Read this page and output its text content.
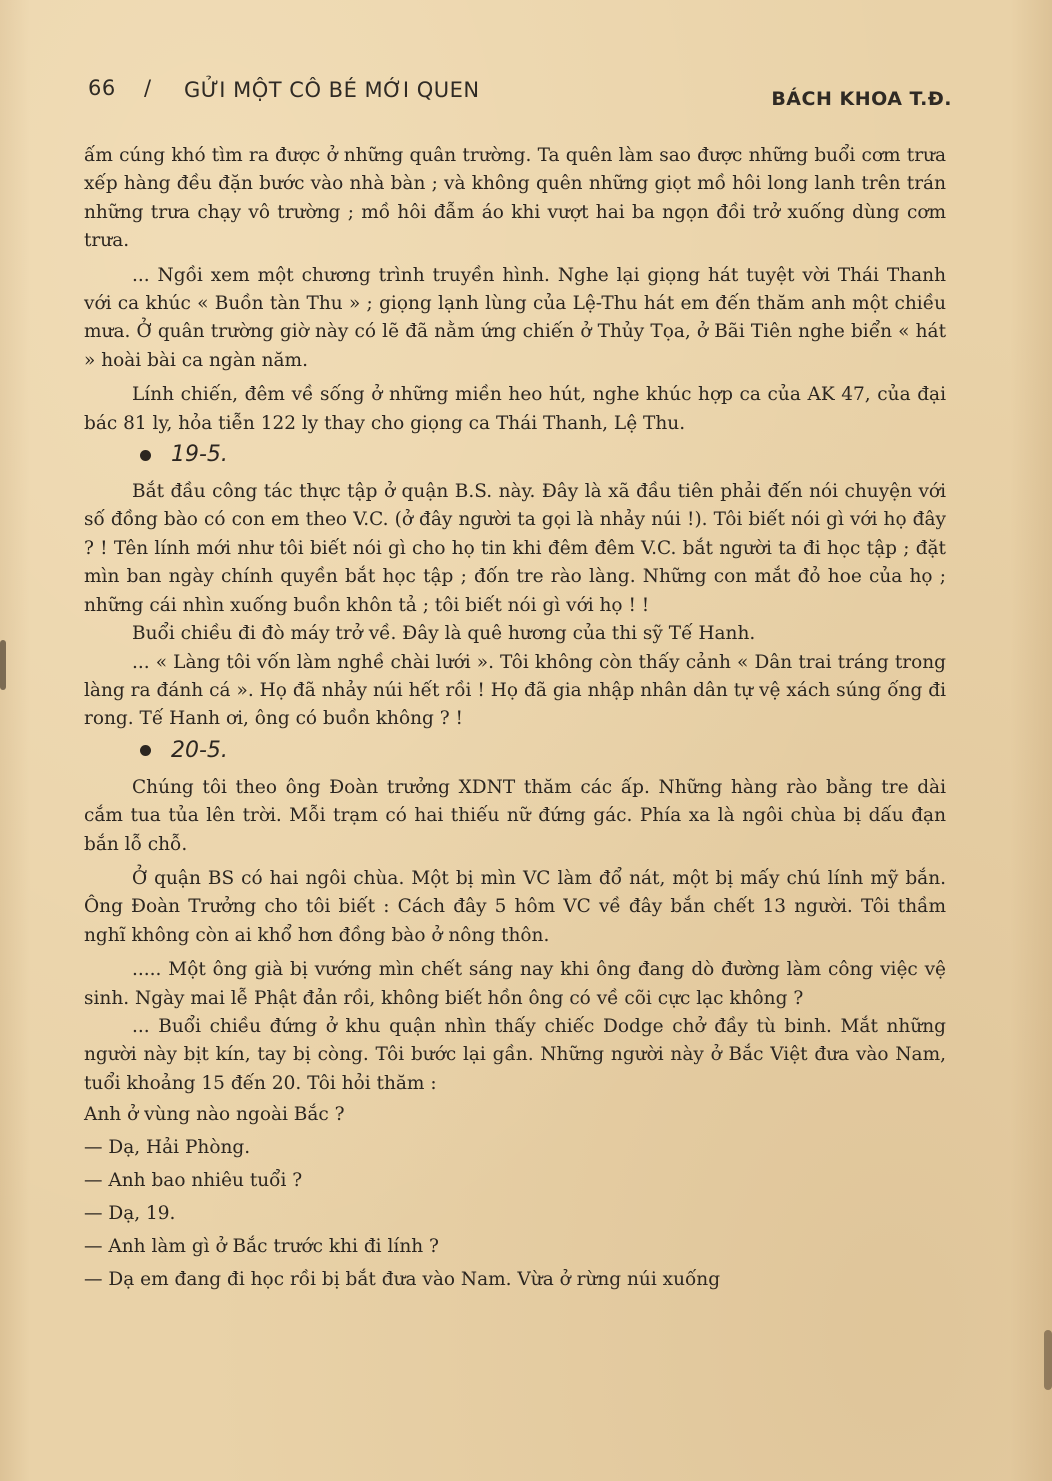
66 / GỬI MỘT CÔ BÉ MỚI QUEN	BÁCH KHOA T.Đ.

ấm cúng khó tìm ra được ở những quân trường. Ta quên làm sao được những buổi cơm trưa xếp hàng đều đặn bước vào nhà bàn ; và không quên những giọt mồ hôi long lanh trên trán những trưa chạy vô trường ; mồ hôi đẫm áo khi vượt hai ba ngọn đồi trở xuống dùng cơm trưa.

... Ngồi xem một chương trình truyền hình. Nghe lại giọng hát tuyệt vời Thái Thanh với ca khúc « Buồn tàn Thu » ; giọng lạnh lùng của Lệ-Thu hát em đến thăm anh một chiều mưa. Ở quân trường giờ này có lẽ đã nằm ứng chiến ở Thủy Tọa, ở Bãi Tiên nghe biển « hát » hoài bài ca ngàn năm.

Lính chiến, đêm về sống ở những miền heo hút, nghe khúc hợp ca của AK 47, của đại bác 81 ly, hỏa tiễn 122 ly thay cho giọng ca Thái Thanh, Lệ Thu.

19-5.

Bắt đầu công tác thực tập ở quận B.S. này. Đây là xã đầu tiên phải đến nói chuyện với số đồng bào có con em theo V.C. (ở đây người ta gọi là nhảy núi !). Tôi biết nói gì với họ đây ? ! Tên lính mới như tôi biết nói gì cho họ tin khi đêm đêm V.C. bắt người ta đi học tập ; đặt mìn ban ngày chính quyền bắt học tập ; đốn tre rào làng. Những con mắt đỏ hoe của họ ; những cái nhìn xuống buồn khôn tả ; tôi biết nói gì với họ ! !

Buổi chiều đi đò máy trở về. Đây là quê hương của thi sỹ Tế Hanh.

... « Làng tôi vốn làm nghề chài lưới ». Tôi không còn thấy cảnh « Dân trai tráng trong làng ra đánh cá ». Họ đã nhảy núi hết rồi ! Họ đã gia nhập nhân dân tự vệ xách súng ống đi rong. Tế Hanh ơi, ông có buồn không ? !

20-5.

Chúng tôi theo ông Đoàn trưởng XDNT thăm các ấp. Những hàng rào bằng tre dài cắm tua tủa lên trời. Mỗi trạm có hai thiếu nữ đứng gác. Phía xa là ngôi chùa bị dấu đạn bắn lỗ chỗ.

Ở quận BS có hai ngôi chùa. Một bị mìn VC làm đổ nát, một bị mấy chú lính mỹ bắn. Ông Đoàn Trưởng cho tôi biết : Cách đây 5 hôm VC về đây bắn chết 13 người. Tôi thầm nghĩ không còn ai khổ hơn đồng bào ở nông thôn.

..... Một ông già bị vướng mìn chết sáng nay khi ông đang dò đường làm công việc vệ sinh. Ngày mai lễ Phật đản rồi, không biết hồn ông có về cõi cực lạc không ?

... Buổi chiều đứng ở khu quận nhìn thấy chiếc Dodge chở đầy tù binh. Mắt những người này bịt kín, tay bị còng. Tôi bước lại gần. Những người này ở Bắc Việt đưa vào Nam, tuổi khoảng 15 đến 20. Tôi hỏi thăm :

Anh ở vùng nào ngoài Bắc ?

— Dạ, Hải Phòng.

— Anh bao nhiêu tuổi ?

— Dạ, 19.

— Anh làm gì ở Bắc trước khi đi lính ?

— Dạ em đang đi học rồi bị bắt đưa vào Nam. Vừa ở rừng núi xuống
